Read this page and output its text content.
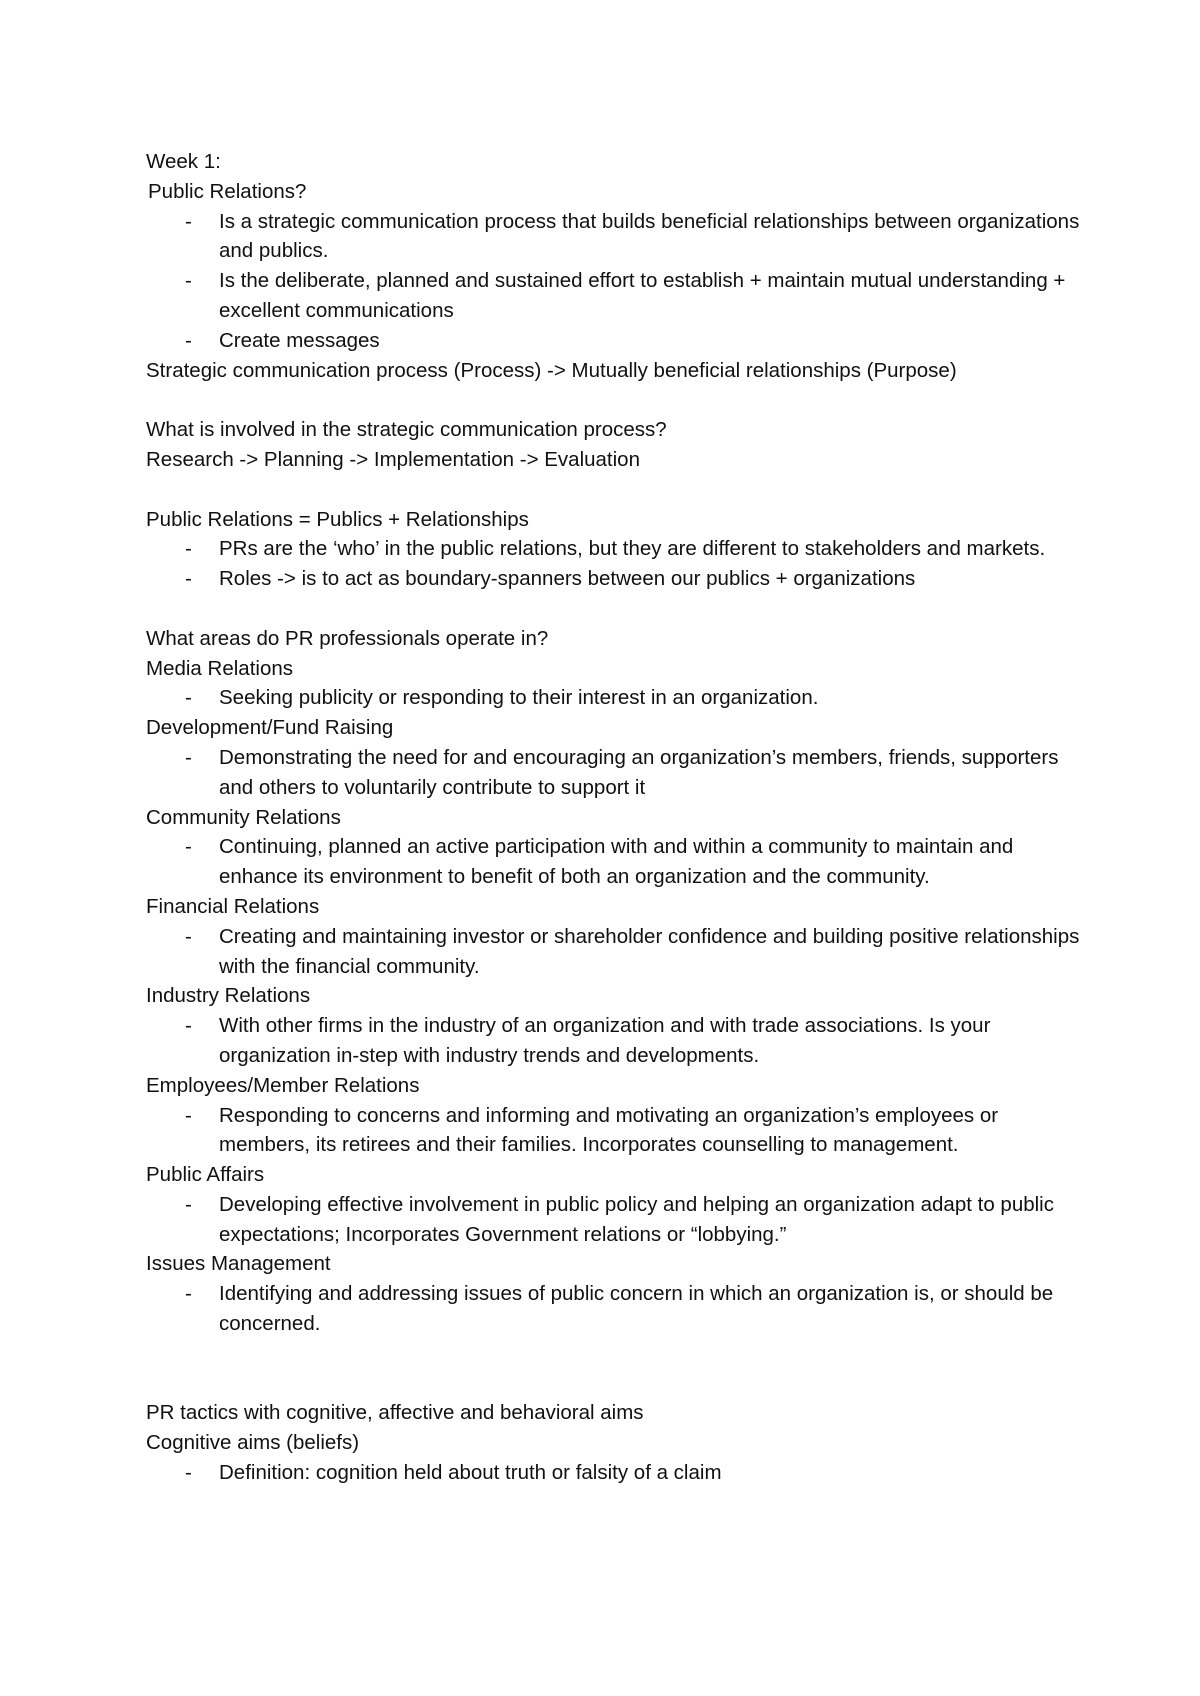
Week 1:

Public Relations?

- Is a strategic communication process that builds beneficial relationships between organizations and publics.
- Is the deliberate, planned and sustained effort to establish + maintain mutual understanding + excellent communications
- Create messages

Strategic communication process (Process) -> Mutually beneficial relationships (Purpose)

What is involved in the strategic communication process?

Research -> Planning -> Implementation -> Evaluation

Public Relations = Publics + Relationships

- PRs are the ‘who’ in the public relations, but they are different to stakeholders and markets.
- Roles -> is to act as boundary-spanners between our publics + organizations

What areas do PR professionals operate in?

Media Relations

- Seeking publicity or responding to their interest in an organization.

Development/Fund Raising

- Demonstrating the need for and encouraging an organization’s members, friends, supporters and others to voluntarily contribute to support it

Community Relations

- Continuing, planned an active participation with and within a community to maintain and enhance its environment to benefit of both an organization and the community.

Financial Relations

- Creating and maintaining investor or shareholder confidence and building positive relationships with the financial community.

Industry Relations

- With other firms in the industry of an organization and with trade associations. Is your organization in-step with industry trends and developments.

Employees/Member Relations

- Responding to concerns and informing and motivating an organization’s employees or members, its retirees and their families. Incorporates counselling to management.

Public Affairs

- Developing effective involvement in public policy and helping an organization adapt to public expectations; Incorporates Government relations or “lobbying.”

Issues Management

- Identifying and addressing issues of public concern in which an organization is, or should be concerned.

PR tactics with cognitive, affective and behavioral aims

Cognitive aims (beliefs)

- Definition: cognition held about truth or falsity of a claim
